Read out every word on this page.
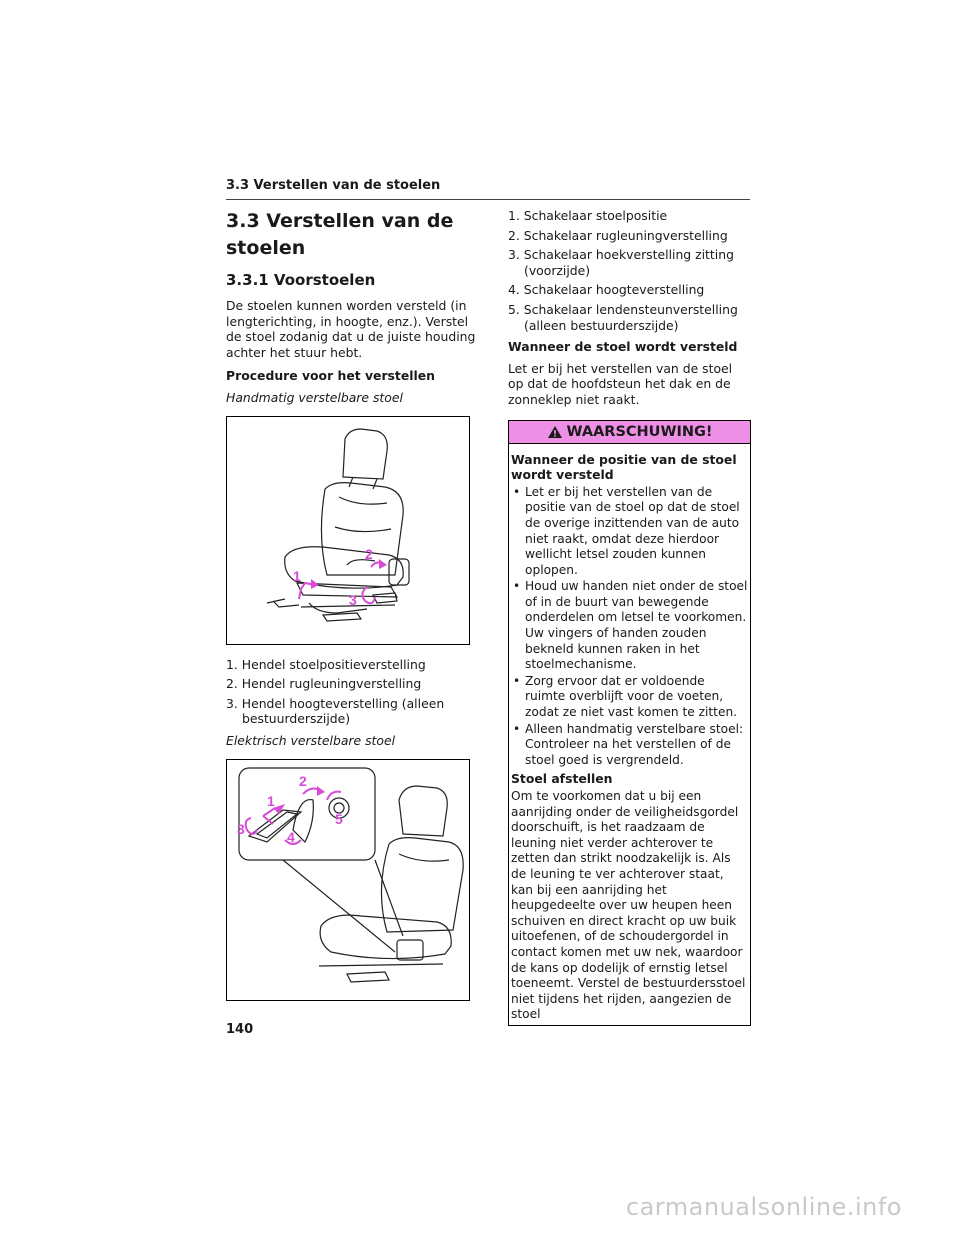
3.3 Verstellen van de stoelen
3.3 Verstellen van de
stoelen
3.3.1 Voorstoelen

De stoelen kunnen worden versteld (in lengterichting, in hoogte, enz.). Verstel de stoel zodanig dat u de juiste houding achter het stuur hebt.

Procedure voor het verstellen
Handmatig verstelbare stoel
1
2
3
1. Hendel stoelpositieverstelling
2. Hendel rugleuningverstelling
3. Hendel hoogteverstelling (alleen bestuurderszijde)
Elektrisch verstelbare stoel
1
2
3	4
5
1. Schakelaar stoelpositie
2. Schakelaar rugleuningverstelling
3. Schakelaar hoekverstelling zitting (voorzijde)
4. Schakelaar hoogteverstelling
5. Schakelaar lendensteunverstelling (alleen bestuurderszijde)
Wanneer de stoel wordt versteld

Let er bij het verstellen van de stoel op dat de hoofdsteun het dak en de zonneklep niet raakt.

WAARSCHUWING!
Wanneer de positie van de stoel wordt versteld
• Let er bij het verstellen van de positie van de stoel op dat de stoel de overige inzittenden van de auto niet raakt, omdat deze hierdoor wellicht letsel zouden kunnen oplopen.
• Houd uw handen niet onder de stoel of in de buurt van bewegende onderdelen om letsel te voorkomen. Uw vingers of handen zouden bekneld kunnen raken in het stoelmechanisme.
• Zorg ervoor dat er voldoende ruimte overblijft voor de voeten, zodat ze niet vast komen te zitten.
• Alleen handmatig verstelbare stoel: Controleer na het verstellen of de stoel goed is vergrendeld.
Stoel afstellen

Om te voorkomen dat u bij een aanrijding onder de veiligheidsgordel doorschuift, is het raadzaam de leuning niet verder achterover te zetten dan strikt noodzakelijk is. Als de leuning te ver achterover staat, kan bij een aanrijding het heupgedeelte over uw heupen heen schuiven en direct kracht op uw buik uitoefenen, of de schoudergordel in contact komen met uw nek, waardoor de kans op dodelijk of ernstig letsel toeneemt. Verstel de bestuurdersstoel niet tijdens het rijden, aangezien de stoel

140
carmanualsonline.info
